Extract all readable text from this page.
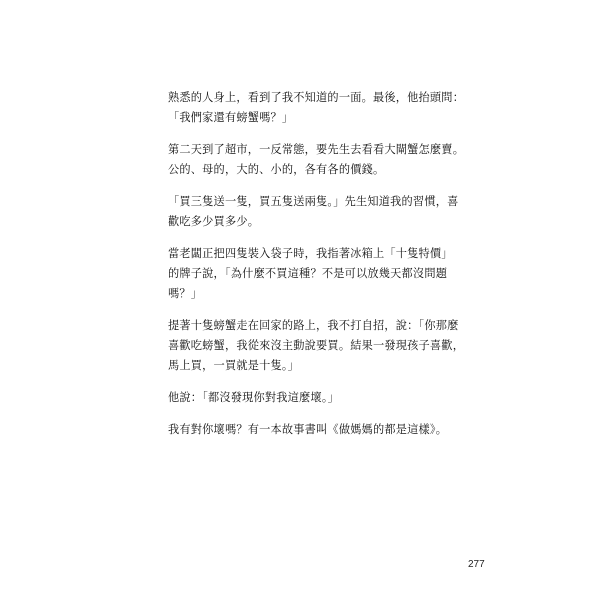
熟悉的人身上，看到了我不知道的一面。最後，他抬頭問：
「我們家還有螃蟹嗎？」

第二天到了超市，一反常態，要先生去看看大閘蟹怎麼賣。
公的、母的，大的、小的，各有各的價錢。

「買三隻送一隻，買五隻送兩隻。」先生知道我的習慣，喜
歡吃多少買多少。

當老闆正把四隻裝入袋子時，我指著冰箱上「十隻特價」
的牌子說，「為什麼不買這種？不是可以放幾天都沒問題
嗎？」

提著十隻螃蟹走在回家的路上，我不打自招，說：「你那麼
喜歡吃螃蟹，我從來沒主動說要買。結果一發現孩子喜歡，
馬上買，一買就是十隻。」

他說：「都沒發現你對我這麼壞。」

我有對你壞嗎？有一本故事書叫《做媽媽的都是這樣》。

277
